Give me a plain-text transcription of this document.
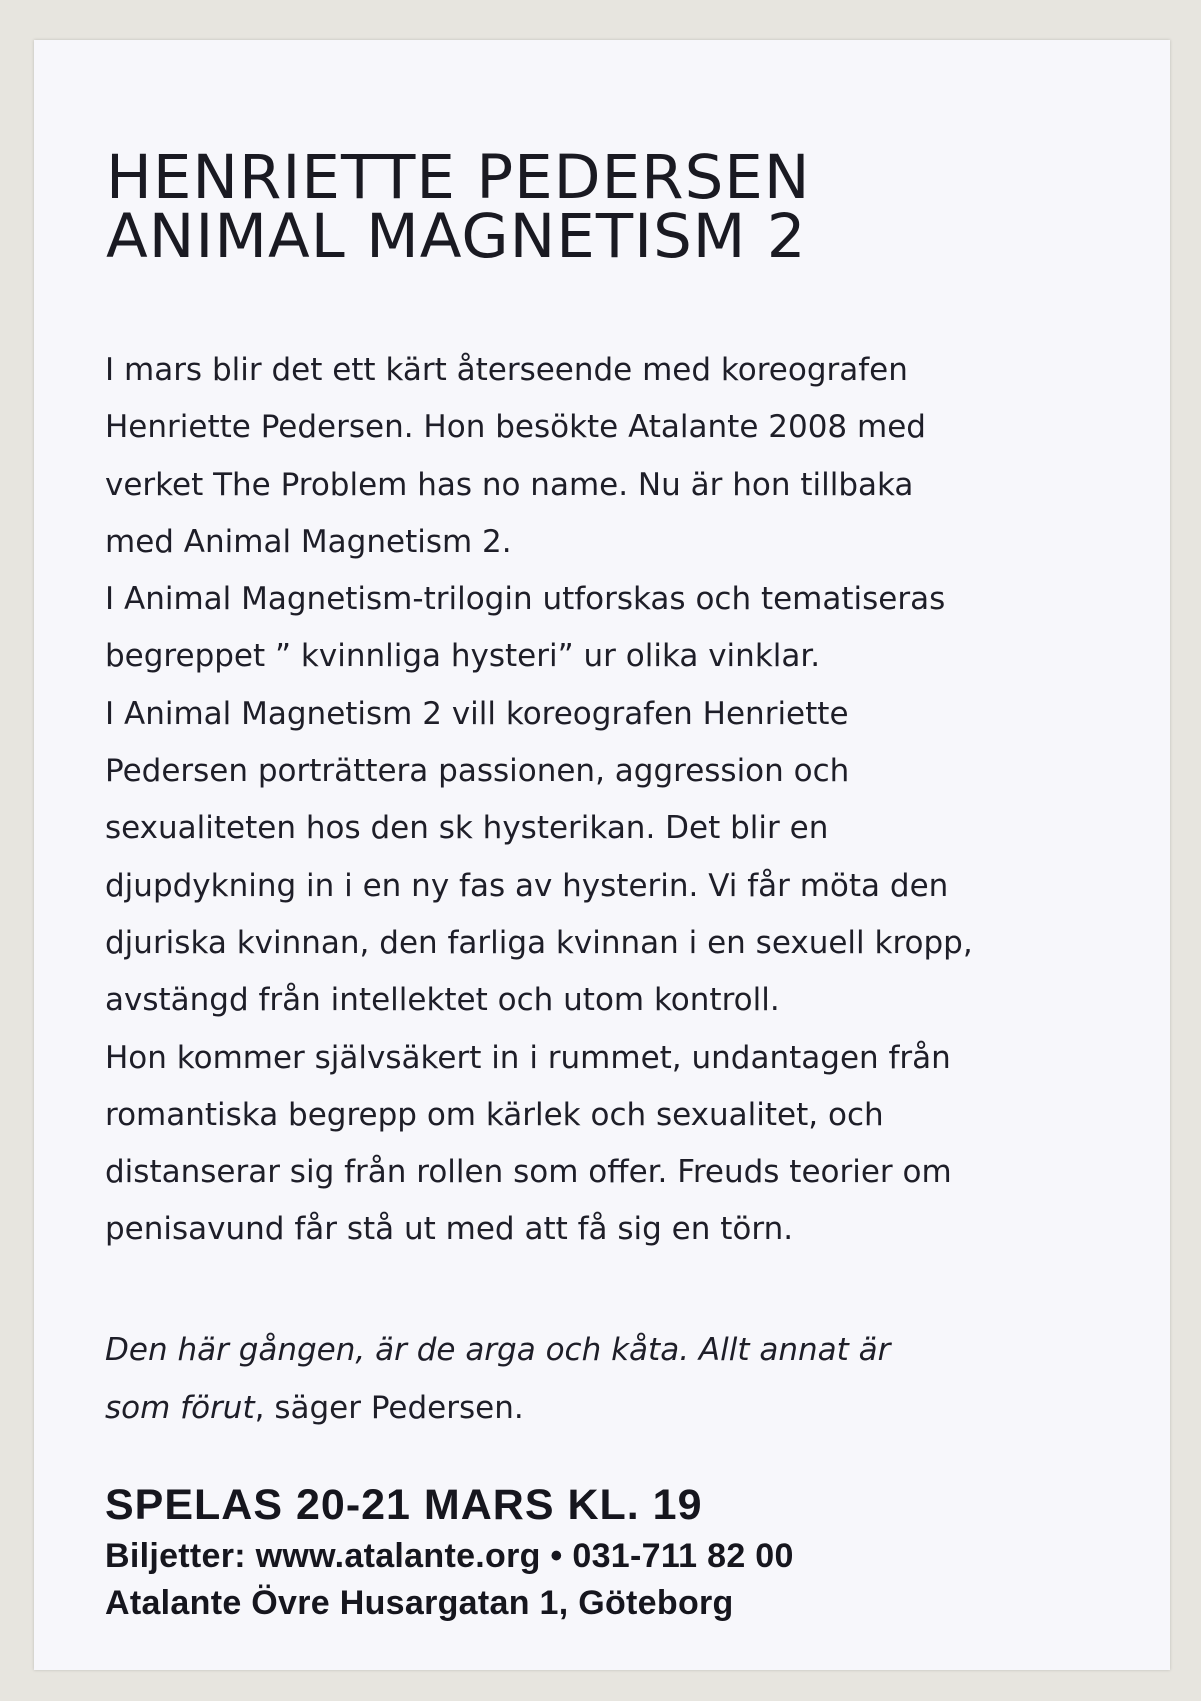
HENRIETTE PEDERSEN
ANIMAL MAGNETISM 2
I mars blir det ett kärt återseende med koreografen
Henriette Pedersen. Hon besökte Atalante 2008 med
verket The Problem has no name. Nu är hon tillbaka
med Animal Magnetism 2.
I Animal Magnetism-trilogin utforskas och tematiseras
begreppet ” kvinnliga hysteri” ur olika vinklar.
I Animal Magnetism 2 vill koreografen Henriette
Pedersen porträttera passionen, aggression och
sexualiteten hos den sk hysterikan. Det blir en
djupdykning in i en ny fas av hysterin. Vi får möta den
djuriska kvinnan, den farliga kvinnan i en sexuell kropp,
avstängd från intellektet och utom kontroll.
Hon kommer självsäkert in i rummet, undantagen från
romantiska begrepp om kärlek och sexualitet, och
distanserar sig från rollen som offer. Freuds teorier om
penisavund får stå ut med att få sig en törn.
Den här gången, är de arga och kåta. Allt annat är
som förut, säger Pedersen.
SPELAS 20-21 MARS KL. 19
Biljetter: www.atalante.org • 031-711 82 00
Atalante Övre Husargatan 1, Göteborg
